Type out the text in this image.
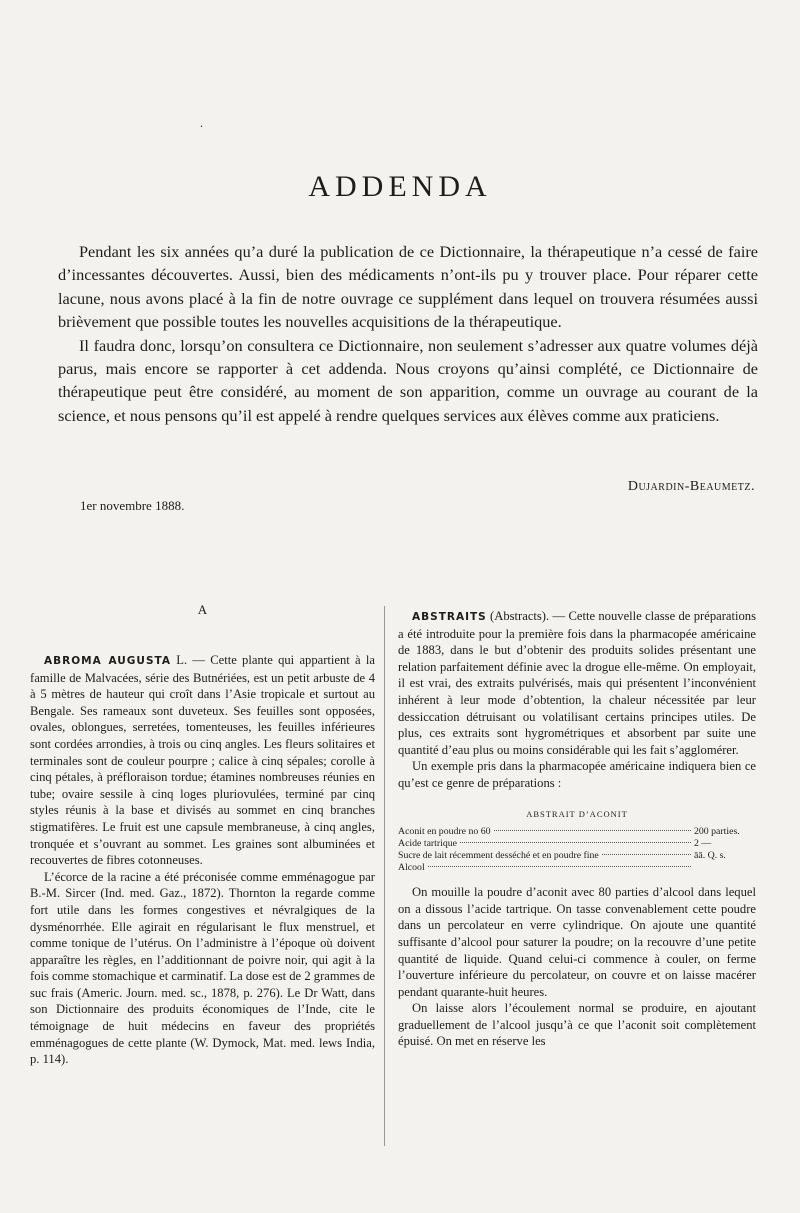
.
ADDENDA

Pendant les six années qu’a duré la publication de ce Dictionnaire, la thérapeutique n’a cessé de faire d’incessantes découvertes. Aussi, bien des médicaments n’ont-ils pu y trouver place. Pour réparer cette lacune, nous avons placé à la fin de notre ouvrage ce supplément dans lequel on trouvera résumées aussi brièvement que possible toutes les nouvelles acquisitions de la thérapeutique.

Il faudra donc, lorsqu’on consultera ce Dictionnaire, non seulement s’adresser aux quatre volumes déjà parus, mais encore se rapporter à cet addenda. Nous croyons qu’ainsi complété, ce Dictionnaire de thérapeutique peut être considéré, au moment de son apparition, comme un ouvrage au courant de la science, et nous pensons qu’il est appelé à rendre quelques services aux élèves comme aux praticiens.

Dujardin-Beaumetz.
1er novembre 1888.
A

ABROMA AUGUSTA L. — Cette plante qui appartient à la famille de Malvacées, série des Butnériées, est un petit arbuste de 4 à 5 mètres de hauteur qui croît dans l’Asie tropicale et surtout au Bengale. Ses rameaux sont duveteux. Ses feuilles sont opposées, ovales, oblongues, serretées, tomenteuses, les feuilles inférieures sont cordées arrondies, à trois ou cinq angles. Les fleurs solitaires et terminales sont de couleur pourpre ; calice à cinq sépales; corolle à cinq pétales, à préfloraison tordue; étamines nombreuses réunies en tube; ovaire sessile à cinq loges pluriovulées, terminé par cinq styles réunis à la base et divisés au sommet en cinq branches stigmatifères. Le fruit est une capsule membraneuse, à cinq angles, tronquée et s’ouvrant au sommet. Les graines sont albuminées et recouvertes de fibres cotonneuses.

L’écorce de la racine a été préconisée comme emménagogue par B.-M. Sircer (Ind. med. Gaz., 1872). Thornton la regarde comme fort utile dans les formes congestives et névralgiques de la dysménorrhée. Elle agirait en régularisant le flux menstruel, et comme tonique de l’utérus. On l’administre à l’époque où doivent apparaître les règles, en l’additionnant de poivre noir, qui agit à la fois comme stomachique et carminatif. La dose est de 2 grammes de suc frais (Americ. Journ. med. sc., 1878, p. 276). Le Dr Watt, dans son Dictionnaire des produits économiques de l’Inde, cite le témoignage de huit médecins en faveur des propriétés emménagogues de cette plante (W. Dymock, Mat. med. lews India, p. 114).

ABSTRAITS (Abstracts). — Cette nouvelle classe de préparations a été introduite pour la première fois dans la pharmacopée américaine de 1883, dans le but d’obtenir des produits solides présentant une relation parfaitement définie avec la drogue elle-même. On employait, il est vrai, des extraits pulvérisés, mais qui présentent l’inconvénient inhérent à leur mode d’obtention, la chaleur nécessitée par leur dessiccation détruisant ou volatilisant certains principes utiles. De plus, ces extraits sont hygrométriques et absorbent par suite une quantité d’eau plus ou moins considérable qui les fait s’agglomérer.

Un exemple pris dans la pharmacopée américaine indiquera bien ce qu’est ce genre de préparations :

ABSTRAIT D’ACONIT
Aconit en poudre no 60	200 parties.
Acide tartrique	2 —
Sucre de lait récemment desséché et en poudre fine	āā. Q. s.
Alcool

On mouille la poudre d’aconit avec 80 parties d’alcool dans lequel on a dissous l’acide tartrique. On tasse convenablement cette poudre dans un percolateur en verre cylindrique. On ajoute une quantité suffisante d’alcool pour saturer la poudre; on la recouvre d’une petite quantité de liquide. Quand celui-ci commence à couler, on ferme l’ouverture inférieure du percolateur, on couvre et on laisse macérer pendant quarante-huit heures.

On laisse alors l’écoulement normal se produire, en ajoutant graduellement de l’alcool jusqu’à ce que l’aconit soit complètement épuisé. On met en réserve les
